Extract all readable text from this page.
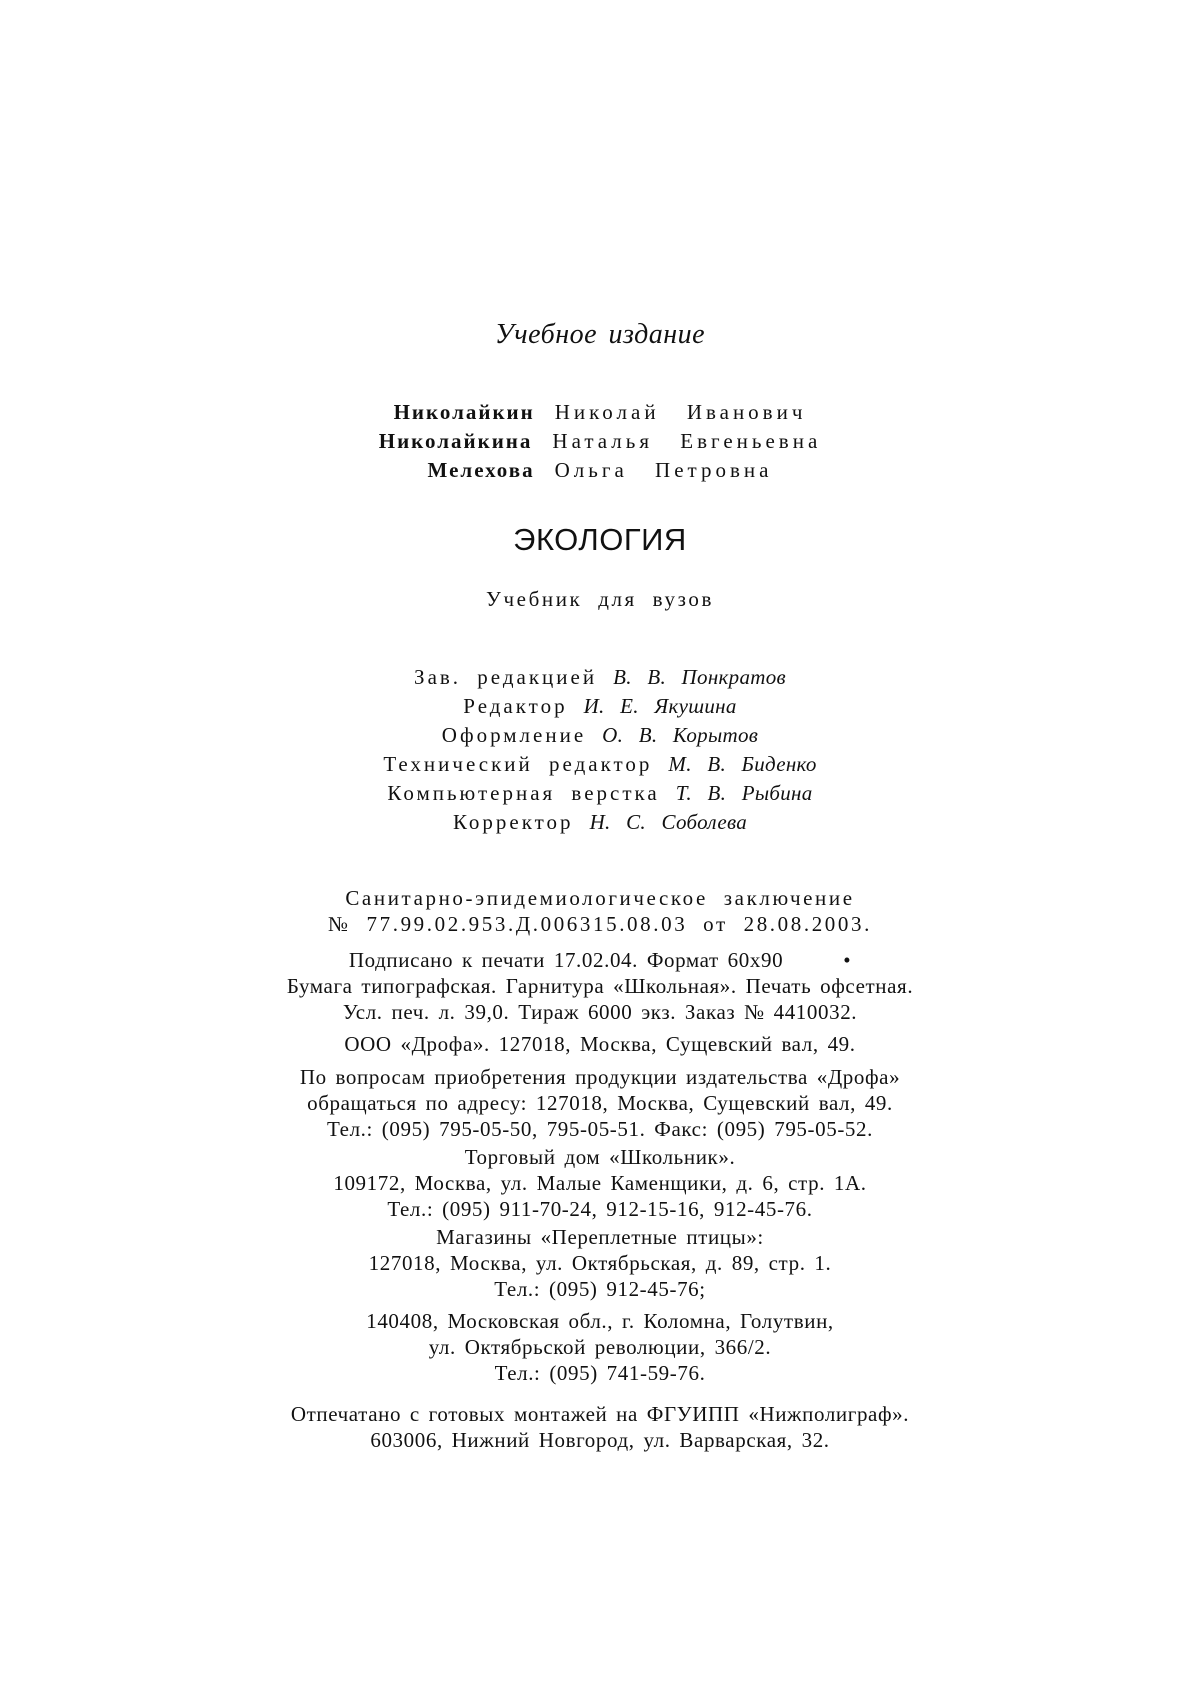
Учебное издание
Николайкин Николай Иванович
Николайкина Наталья Евгеньевна
Мелехова Ольга Петровна
ЭКОЛОГИЯ
Учебник для вузов
Зав. редакцией В. В. Понкратов
Редактор И. Е. Якушина
Оформление О. В. Корытов
Технический редактор М. В. Биденко
Компьютерная верстка Т. В. Рыбина
Корректор Н. С. Соболева
Санитарно-эпидемиологическое заключение
№ 77.99.02.953.Д.006315.08.03 от 28.08.2003.
Подписано к печати 17.02.04. Формат 60x90	•
Бумага типографская. Гарнитура «Школьная». Печать офсетная.
Усл. печ. л. 39,0. Тираж 6000 экз. Заказ № 4410032.
ООО «Дрофа». 127018, Москва, Сущевский вал, 49.
По вопросам приобретения продукции издательства «Дрофа»
обращаться по адресу: 127018, Москва, Сущевский вал, 49.
Тел.: (095) 795-05-50, 795-05-51. Факс: (095) 795-05-52.
Торговый дом «Школьник».
109172, Москва, ул. Малые Каменщики, д. 6, стр. 1А.
Тел.: (095) 911-70-24, 912-15-16, 912-45-76.
Магазины «Переплетные птицы»:
127018, Москва, ул. Октябрьская, д. 89, стр. 1.
Тел.: (095) 912-45-76;
140408, Московская обл., г. Коломна, Голутвин,
ул. Октябрьской революции, 366/2.
Тел.: (095) 741-59-76.
Отпечатано с готовых монтажей на ФГУИПП «Нижполиграф».
603006, Нижний Новгород, ул. Варварская, 32.
